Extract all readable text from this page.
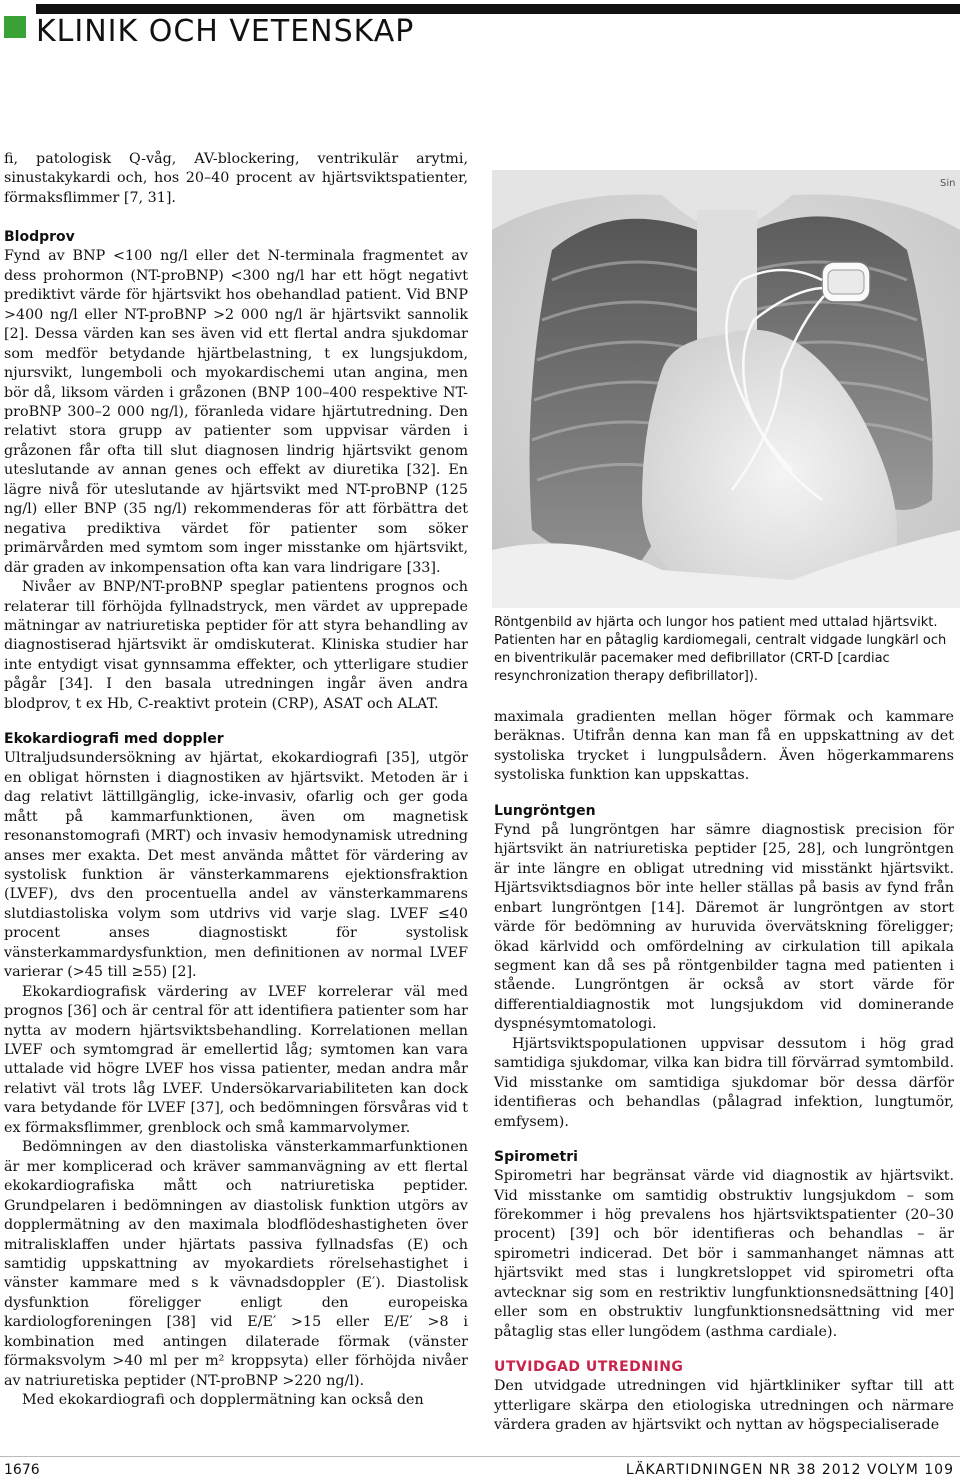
KLINIK OCH VETENSKAP

fi, patologisk Q-våg, AV-blockering, ventrikulär arytmi, sinustakykardi och, hos 20–40 procent av hjärtsviktspatienter, förmaksflimmer [7, 31].

Blodprov

Fynd av BNP <100 ng/l eller det N-terminala fragmentet av dess prohormon (NT-proBNP) <300 ng/l har ett högt negativt prediktivt värde för hjärtsvikt hos obehandlad patient. Vid BNP >400 ng/l eller NT-proBNP >2 000 ng/l är hjärtsvikt sannolik [2]. Dessa värden kan ses även vid ett flertal andra sjukdomar som medför betydande hjärtbelastning, t ex lungsjukdom, njursvikt, lungemboli och myokardischemi utan angina, men bör då, liksom värden i gråzonen (BNP 100–400 respektive NT-proBNP 300–2 000 ng/l), föranleda vidare hjärtutredning. Den relativt stora grupp av patienter som uppvisar värden i gråzonen får ofta till slut diagnosen lindrig hjärtsvikt genom uteslutande av annan genes och effekt av diuretika [32]. En lägre nivå för uteslutande av hjärtsvikt med NT-proBNP (125 ng/l) eller BNP (35 ng/l) rekommenderas för att förbättra det negativa prediktiva värdet för patienter som söker primärvården med symtom som inger misstanke om hjärtsvikt, där graden av inkompensation ofta kan vara lindrigare [33].

Nivåer av BNP/NT-proBNP speglar patientens prognos och relaterar till förhöjda fyllnadstryck, men värdet av upprepade mätningar av natriuretiska peptider för att styra behandling av diagnostiserad hjärtsvikt är omdiskuterat. Kliniska studier har inte entydigt visat gynnsamma effekter, och ytterligare studier pågår [34]. I den basala utredningen ingår även andra blodprov, t ex Hb, C-reaktivt protein (CRP), ASAT och ALAT.

Ekokardiografi med doppler

Ultraljudsundersökning av hjärtat, ekokardiografi [35], utgör en obligat hörnsten i diagnostiken av hjärtsvikt. Metoden är i dag relativt lättillgänglig, icke-invasiv, ofarlig och ger goda mått på kammarfunktionen, även om magnetisk resonanstomografi (MRT) och invasiv hemodynamisk utredning anses mer exakta. Det mest använda måttet för värdering av systolisk funktion är vänsterkammarens ejektionsfraktion (LVEF), dvs den procentuella andel av vänsterkammarens slutdiastoliska volym som utdrivs vid varje slag. LVEF ≤40 procent anses diagnostiskt för systolisk vänsterkammardysfunktion, men definitionen av normal LVEF varierar (>45 till ≥55) [2].

Ekokardiografisk värdering av LVEF korrelerar väl med prognos [36] och är central för att identifiera patienter som har nytta av modern hjärtsviktsbehandling. Korrelationen mellan LVEF och symtomgrad är emellertid låg; symtomen kan vara uttalade vid högre LVEF hos vissa patienter, medan andra mår relativt väl trots låg LVEF. Undersökarvariabiliteten kan dock vara betydande för LVEF [37], och bedömningen försvåras vid t ex förmaksflimmer, grenblock och små kammarvolymer.

Bedömningen av den diastoliska vänsterkammarfunktionen är mer komplicerad och kräver sammanvägning av ett flertal ekokardiografiska mått och natriuretiska peptider. Grundpelaren i bedömningen av diastolisk funktion utgörs av dopplermätning av den maximala blodflödeshastigheten över mitralisklaffen under hjärtats passiva fyllnadsfas (E) och samtidig uppskattning av myokardiets rörelsehastighet i vänster kammare med s k vävnadsdoppler (E′). Diastolisk dysfunktion föreligger enligt den europeiska kardiologforeningen [38] vid E/E′ >15 eller E/E′ >8 i kombination med antingen dilaterade förmak (vänster förmaksvolym >40 ml per m² kroppsyta) eller förhöjda nivåer av natriuretiska peptider (NT-proBNP >220 ng/l).

Med ekokardiografi och dopplermätning kan också den

Sin
Röntgenbild av hjärta och lungor hos patient med uttalad hjärtsvikt. Patienten har en påtaglig kardiomegali, centralt vidgade lungkärl och en biventrikulär pacemaker med defibrillator (CRT-D [cardiac resynchronization therapy defibrillator]).

maximala gradienten mellan höger förmak och kammare beräknas. Utifrån denna kan man få en uppskattning av det systoliska trycket i lungpulsådern. Även högerkammarens systoliska funktion kan uppskattas.

Lungröntgen

Fynd på lungröntgen har sämre diagnostisk precision för hjärtsvikt än natriuretiska peptider [25, 28], och lungröntgen är inte längre en obligat utredning vid misstänkt hjärtsvikt. Hjärtsviktsdiagnos bör inte heller ställas på basis av fynd från enbart lungröntgen [14]. Däremot är lungröntgen av stort värde för bedömning av huruvida övervätskning föreligger; ökad kärlvidd och omfördelning av cirkulation till apikala segment kan då ses på röntgenbilder tagna med patienten i stående. Lungröntgen är också av stort värde för differentialdiagnostik mot lungsjukdom vid dominerande dyspnésymtomatologi.

Hjärtsviktspopulationen uppvisar dessutom i hög grad samtidiga sjukdomar, vilka kan bidra till förvärrad symtombild. Vid misstanke om samtidiga sjukdomar bör dessa därför identifieras och behandlas (pålagrad infektion, lungtumör, emfysem).

Spirometri

Spirometri har begränsat värde vid diagnostik av hjärtsvikt. Vid misstanke om samtidig obstruktiv lungsjukdom – som förekommer i hög prevalens hos hjärtsviktspatienter (20–30 procent) [39] och bör identifieras och behandlas – är spirometri indicerad. Det bör i sammanhanget nämnas att hjärtsvikt med stas i lungkretsloppet vid spirometri ofta avtecknar sig som en restriktiv lungfunktionsnedsättning [40] eller som en obstruktiv lungfunktionsnedsättning vid mer påtaglig stas eller lungödem (asthma cardiale).

UTVIDGAD UTREDNING

Den utvidgade utredningen vid hjärtkliniker syftar till att ytterligare skärpa den etiologiska utredningen och närmare värdera graden av hjärtsvikt och nyttan av högspecialiserade

1676	LÄKARTIDNINGEN NR 38 2012 VOLYM 109
